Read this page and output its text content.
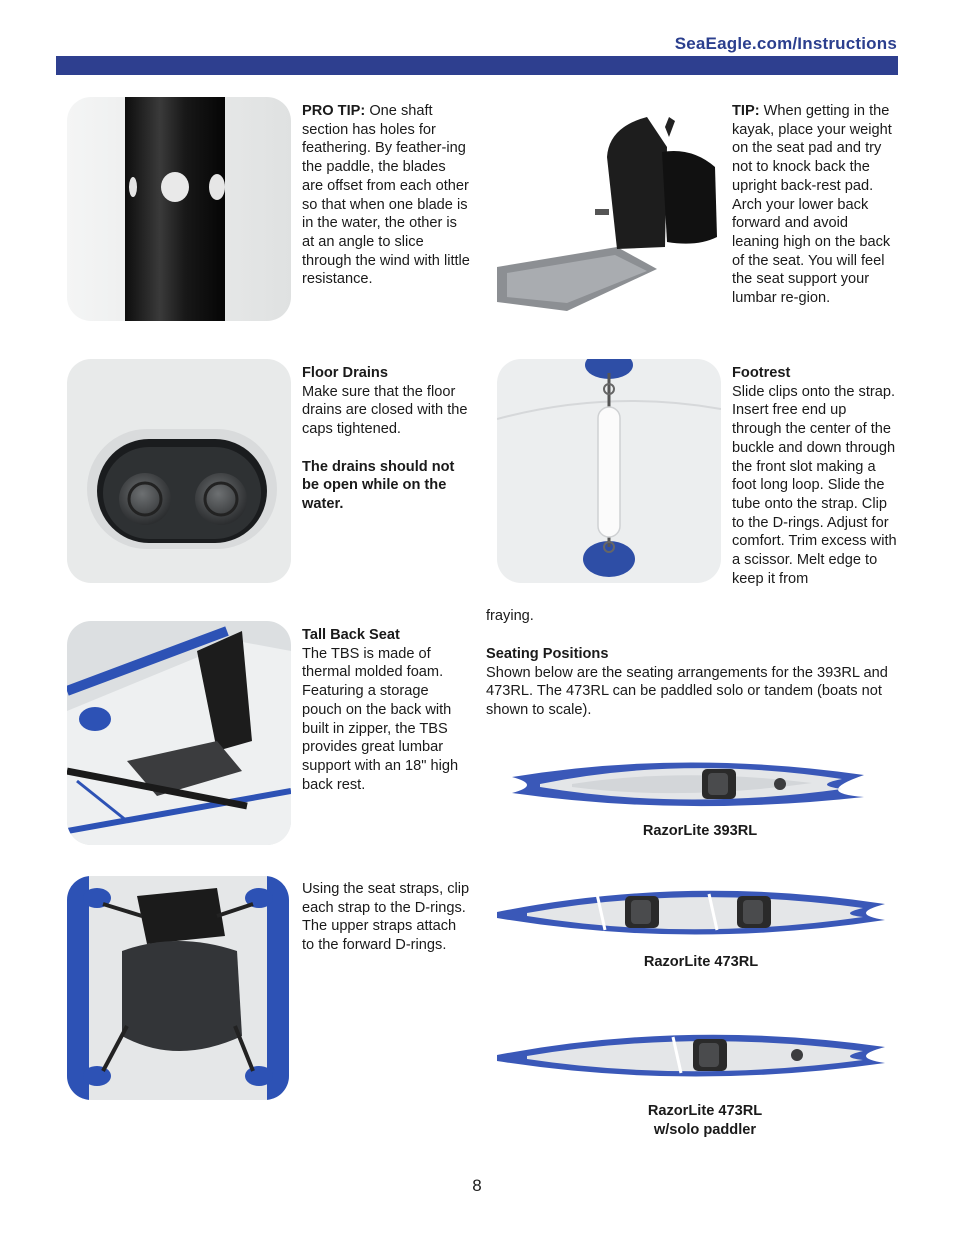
SeaEagle.com/Instructions
PRO TIP: One shaft section has holes for feathering. By feather-ing the paddle, the blades are offset from each other so that when one blade is in the water, the other is at an angle to slice through the wind with little resistance.
TIP: When getting in the kayak, place your weight on the seat pad and try not to knock back the upright back-rest pad. Arch your lower back forward and avoid leaning high on the back of the seat. You will feel the seat support your lumbar re-gion.
Floor Drains
Make sure that the floor drains are closed with the caps tightened.
The drains should not be open while on the water.
Footrest
Slide clips onto the strap. Insert free end up through the center of the buckle and down through the front slot making a foot long loop. Slide the tube onto the strap. Clip to the D-rings. Adjust for comfort. Trim excess with a scissor. Melt edge to keep it from
fraying.
Tall Back Seat
The TBS is made of thermal molded foam. Featuring a storage pouch on the back with built in zipper, the TBS provides great lumbar support with an 18" high back rest.
Seating Positions
Shown below are the seating arrangements for the 393RL and 473RL. The 473RL can be paddled solo or tandem (boats not shown to scale).
Using the seat straps, clip each strap to the D-rings. The upper straps attach to the forward D-rings.
RazorLite 393RL
RazorLite 473RL
RazorLite 473RL
w/solo paddler
8
